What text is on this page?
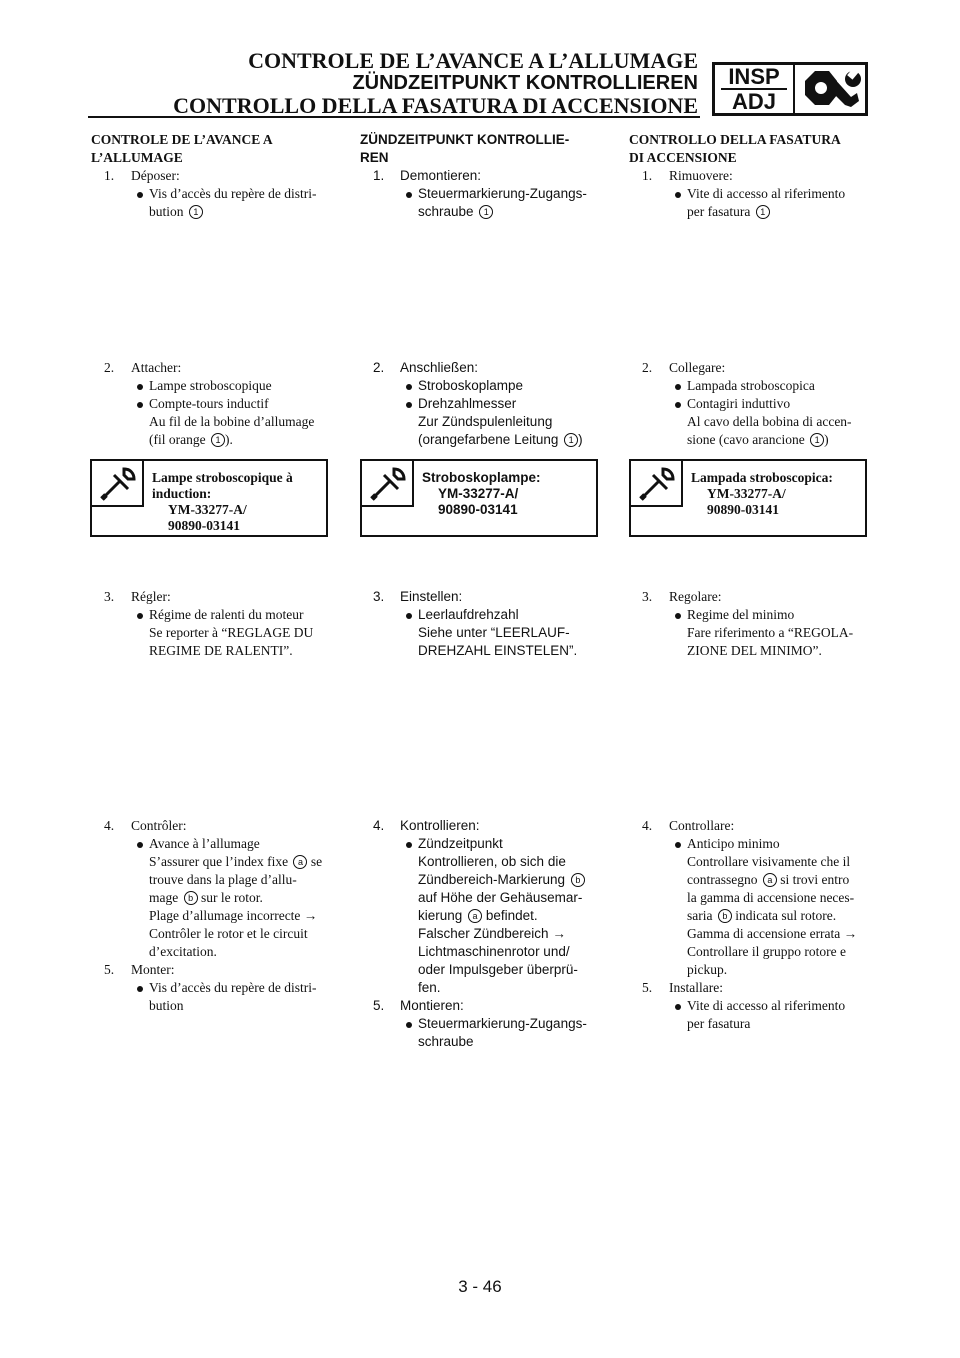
CONTROLE DE L’AVANCE A L’ALLUMAGE
ZÜNDZEITPUNKT KONTROLLIEREN
CONTROLLO DELLA FASATURA DI ACCENSIONE
INSP
ADJ
CONTROLE DE L’AVANCE A
L’ALLUMAGE
1. Déposer:
Vis d’accès du repère de distri-
bution 1
2. Attacher:
Lampe stroboscopique
Compte-tours inductif
Au fil de la bobine d’allumage
(fil orange 1 ).
Lampe stroboscopique à
induction:
YM-33277-A/
90890-03141
3. Régler:
Régime de ralenti du moteur
Se reporter à “REGLAGE DU
REGIME DE RALENTI”.
4. Contrôler:
Avance à l’allumage
S’assurer que l’index fixe a se
trouve dans la plage d’allu-
mage b sur le rotor.
Plage d’allumage incorrecte →
Contrôler le rotor et le circuit
d’excitation.
5. Monter:
Vis d’accès du repère de distri-
bution
ZÜNDZEITPUNKT KONTROLLIE-
REN
1. Demontieren:
Steuermarkierung-Zugangs-
schraube 1
2. Anschließen:
Stroboskoplampe
Drehzahlmesser
Zur Zündspulenleitung
(orangefarbene Leitung 1 )
Stroboskoplampe:
YM-33277-A/
90890-03141
3. Einstellen:
Leerlaufdrehzahl
Siehe unter “LEERLAUF-
DREHZAHL EINSTELEN”.
4. Kontrollieren:
Zündzeitpunkt
Kontrollieren, ob sich die
Zündbereich-Markierung b
auf Höhe der Gehäusemar-
kierung a befindet.
Falscher Zündbereich →
Lichtmaschinenrotor und/
oder Impulsgeber überprü-
fen.
5. Montieren:
Steuermarkierung-Zugangs-
schraube
CONTROLLO DELLA FASATURA
DI ACCENSIONE
1. Rimuovere:
Vite di accesso al riferimento
per fasatura 1
2. Collegare:
Lampada stroboscopica
Contagiri induttivo
Al cavo della bobina di accen-
sione (cavo arancione 1 )
Lampada stroboscopica:
YM-33277-A/
90890-03141
3. Regolare:
Regime del minimo
Fare riferimento a “REGOLA-
ZIONE DEL MINIMO”.
4. Controllare:
Anticipo minimo
Controllare visivamente che il
contrassegno a si trovi entro
la gamma di accensione neces-
saria b indicata sul rotore.
Gamma di accensione errata →
Controllare il gruppo rotore e
pickup.
5. Installare:
Vite di accesso al riferimento
per fasatura
3 - 46
